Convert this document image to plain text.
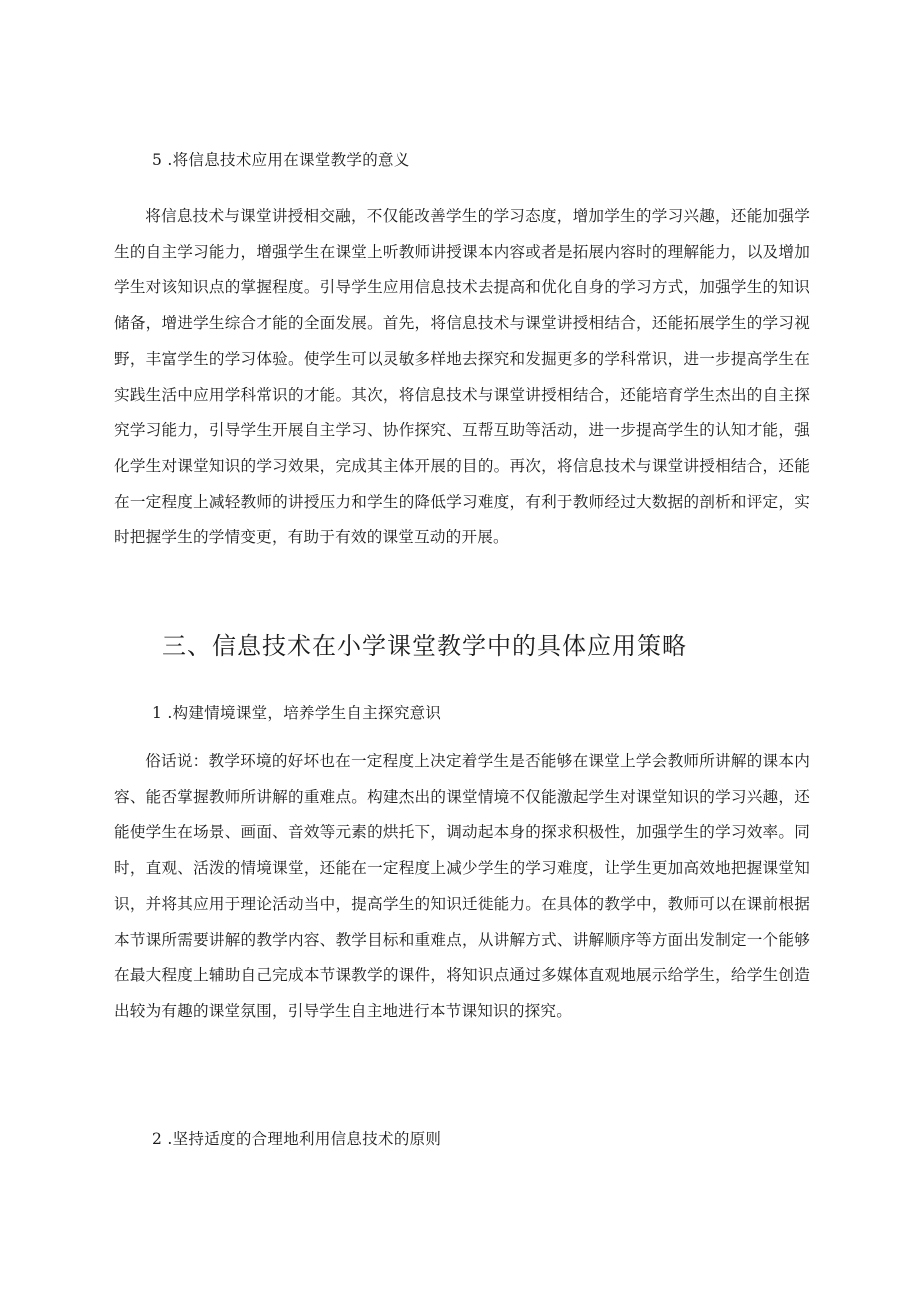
5 .将信息技术应用在课堂教学的意义

将信息技术与课堂讲授相交融，不仅能改善学生的学习态度，增加学生的学习兴趣，还能加强学生的自主学习能力，增强学生在课堂上听教师讲授课本内容或者是拓展内容时的理解能力，以及增加学生对该知识点的掌握程度。引导学生应用信息技术去提高和优化自身的学习方式，加强学生的知识储备，增进学生综合才能的全面发展。首先，将信息技术与课堂讲授相结合，还能拓展学生的学习视野，丰富学生的学习体验。使学生可以灵敏多样地去探究和发掘更多的学科常识，进一步提高学生在实践生活中应用学科常识的才能。其次，将信息技术与课堂讲授相结合，还能培育学生杰出的自主探究学习能力，引导学生开展自主学习、协作探究、互帮互助等活动，进一步提高学生的认知才能，强化学生对课堂知识的学习效果，完成其主体开展的目的。再次，将信息技术与课堂讲授相结合，还能在一定程度上减轻教师的讲授压力和学生的降低学习难度，有利于教师经过大数据的剖析和评定，实时把握学生的学情变更，有助于有效的课堂互动的开展。

三、信息技术在小学课堂教学中的具体应用策略
1 .构建情境课堂，培养学生自主探究意识

俗话说：教学环境的好坏也在一定程度上决定着学生是否能够在课堂上学会教师所讲解的课本内容、能否掌握教师所讲解的重难点。构建杰出的课堂情境不仅能激起学生对课堂知识的学习兴趣，还能使学生在场景、画面、音效等元素的烘托下，调动起本身的探求积极性，加强学生的学习效率。同时，直观、活泼的情境课堂，还能在一定程度上减少学生的学习难度，让学生更加高效地把握课堂知识，并将其应用于理论活动当中，提高学生的知识迁徙能力。在具体的教学中，教师可以在课前根据本节课所需要讲解的教学内容、教学目标和重难点，从讲解方式、讲解顺序等方面出发制定一个能够在最大程度上辅助自己完成本节课教学的课件，将知识点通过多媒体直观地展示给学生，给学生创造出较为有趣的课堂氛围，引导学生自主地进行本节课知识的探究。

2 .坚持适度的合理地利用信息技术的原则
